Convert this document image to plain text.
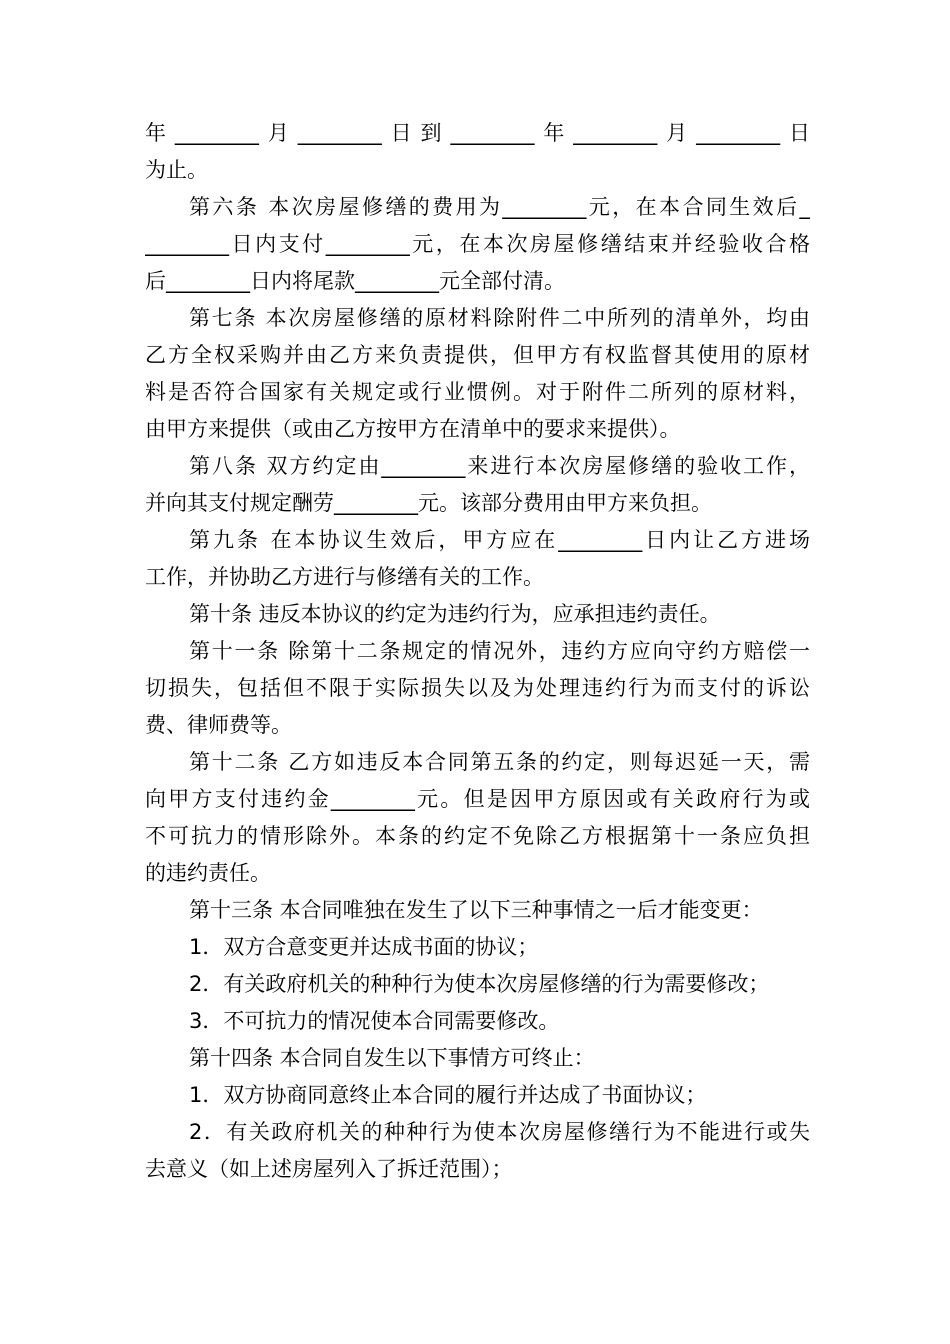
年________月________日到________年________月________日
为止。
第六条 本次房屋修缮的费用为________元，在本合同生效后_
________日内支付________元，在本次房屋修缮结束并经验收合格
后________日内将尾款________元全部付清。
第七条 本次房屋修缮的原材料除附件二中所列的清单外，均由
乙方全权采购并由乙方来负责提供，但甲方有权监督其使用的原材
料是否符合国家有关规定或行业惯例。对于附件二所列的原材料，
由甲方来提供（或由乙方按甲方在清单中的要求来提供）。
第八条 双方约定由________来进行本次房屋修缮的验收工作，
并向其支付规定酬劳________元。该部分费用由甲方来负担。
第九条 在本协议生效后，甲方应在________日内让乙方进场
工作，并协助乙方进行与修缮有关的工作。
第十条 违反本协议的约定为违约行为，应承担违约责任。
第十一条 除第十二条规定的情况外，违约方应向守约方赔偿一
切损失，包括但不限于实际损失以及为处理违约行为而支付的诉讼
费、律师费等。
第十二条 乙方如违反本合同第五条的约定，则每迟延一天，需
向甲方支付违约金________元。但是因甲方原因或有关政府行为或
不可抗力的情形除外。本条的约定不免除乙方根据第十一条应负担
的违约责任。
第十三条 本合同唯独在发生了以下三种事情之一后才能变更：
1．双方合意变更并达成书面的协议；
2．有关政府机关的种种行为使本次房屋修缮的行为需要修改；
3．不可抗力的情况使本合同需要修改。
第十四条 本合同自发生以下事情方可终止：
1．双方协商同意终止本合同的履行并达成了书面协议；
2．有关政府机关的种种行为使本次房屋修缮行为不能进行或失
去意义（如上述房屋列入了拆迁范围）；
